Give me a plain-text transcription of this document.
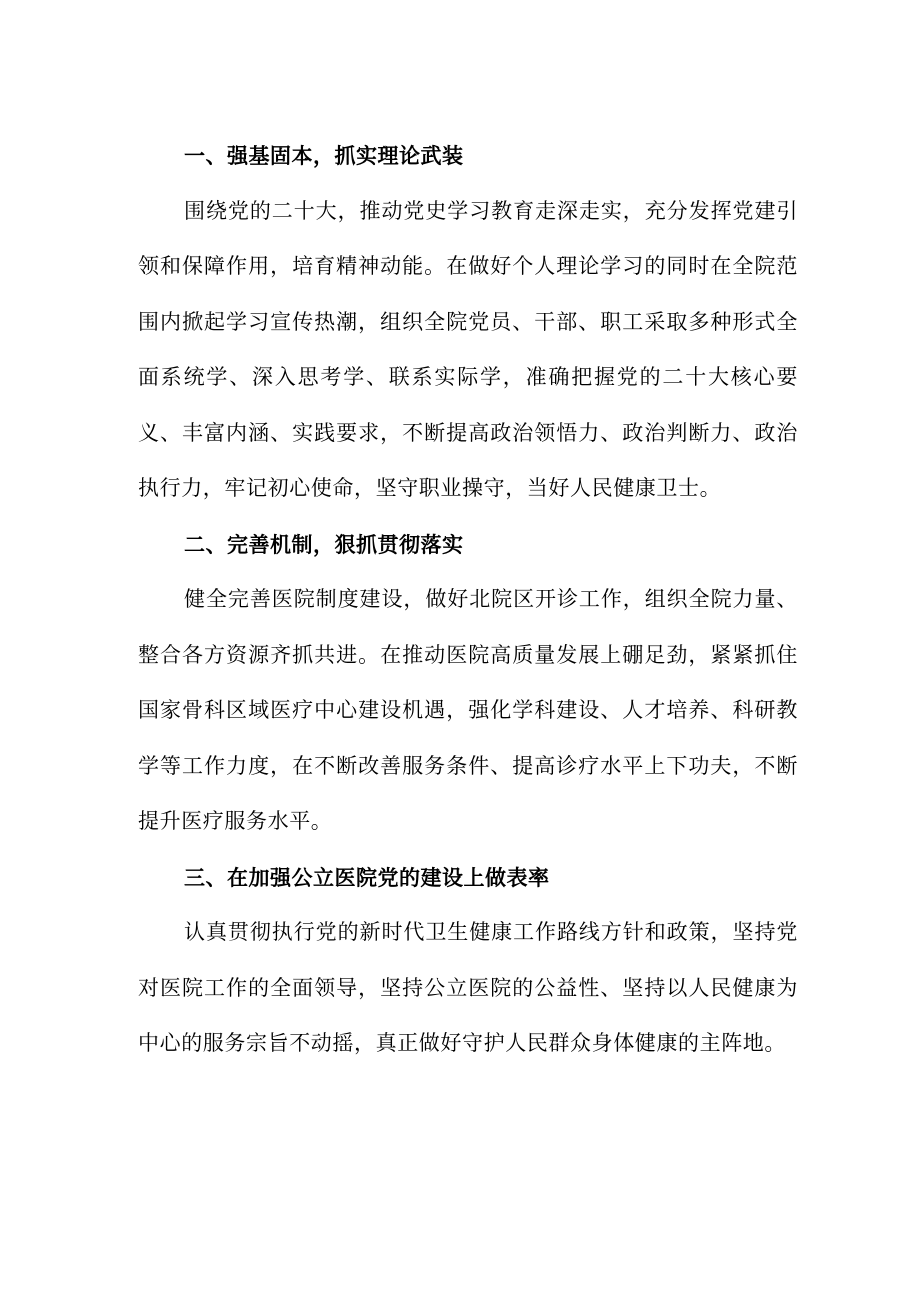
一、强基固本，抓实理论武装

围绕党的二十大，推动党史学习教育走深走实，充分发挥党建引领和保障作用，培育精神动能。在做好个人理论学习的同时在全院范围内掀起学习宣传热潮，组织全院党员、干部、职工采取多种形式全面系统学、深入思考学、联系实际学，准确把握党的二十大核心要义、丰富内涵、实践要求，不断提高政治领悟力、政治判断力、政治执行力，牢记初心使命，坚守职业操守，当好人民健康卫士。

二、完善机制，狠抓贯彻落实

健全完善医院制度建设，做好北院区开诊工作，组织全院力量、整合各方资源齐抓共进。在推动医院高质量发展上硼足劲，紧紧抓住国家骨科区域医疗中心建设机遇，强化学科建设、人才培养、科研教学等工作力度，在不断改善服务条件、提高诊疗水平上下功夫，不断提升医疗服务水平。

三、在加强公立医院党的建设上做表率

认真贯彻执行党的新时代卫生健康工作路线方针和政策，坚持党对医院工作的全面领导，坚持公立医院的公益性、坚持以人民健康为中心的服务宗旨不动摇，真正做好守护人民群众身体健康的主阵地。
